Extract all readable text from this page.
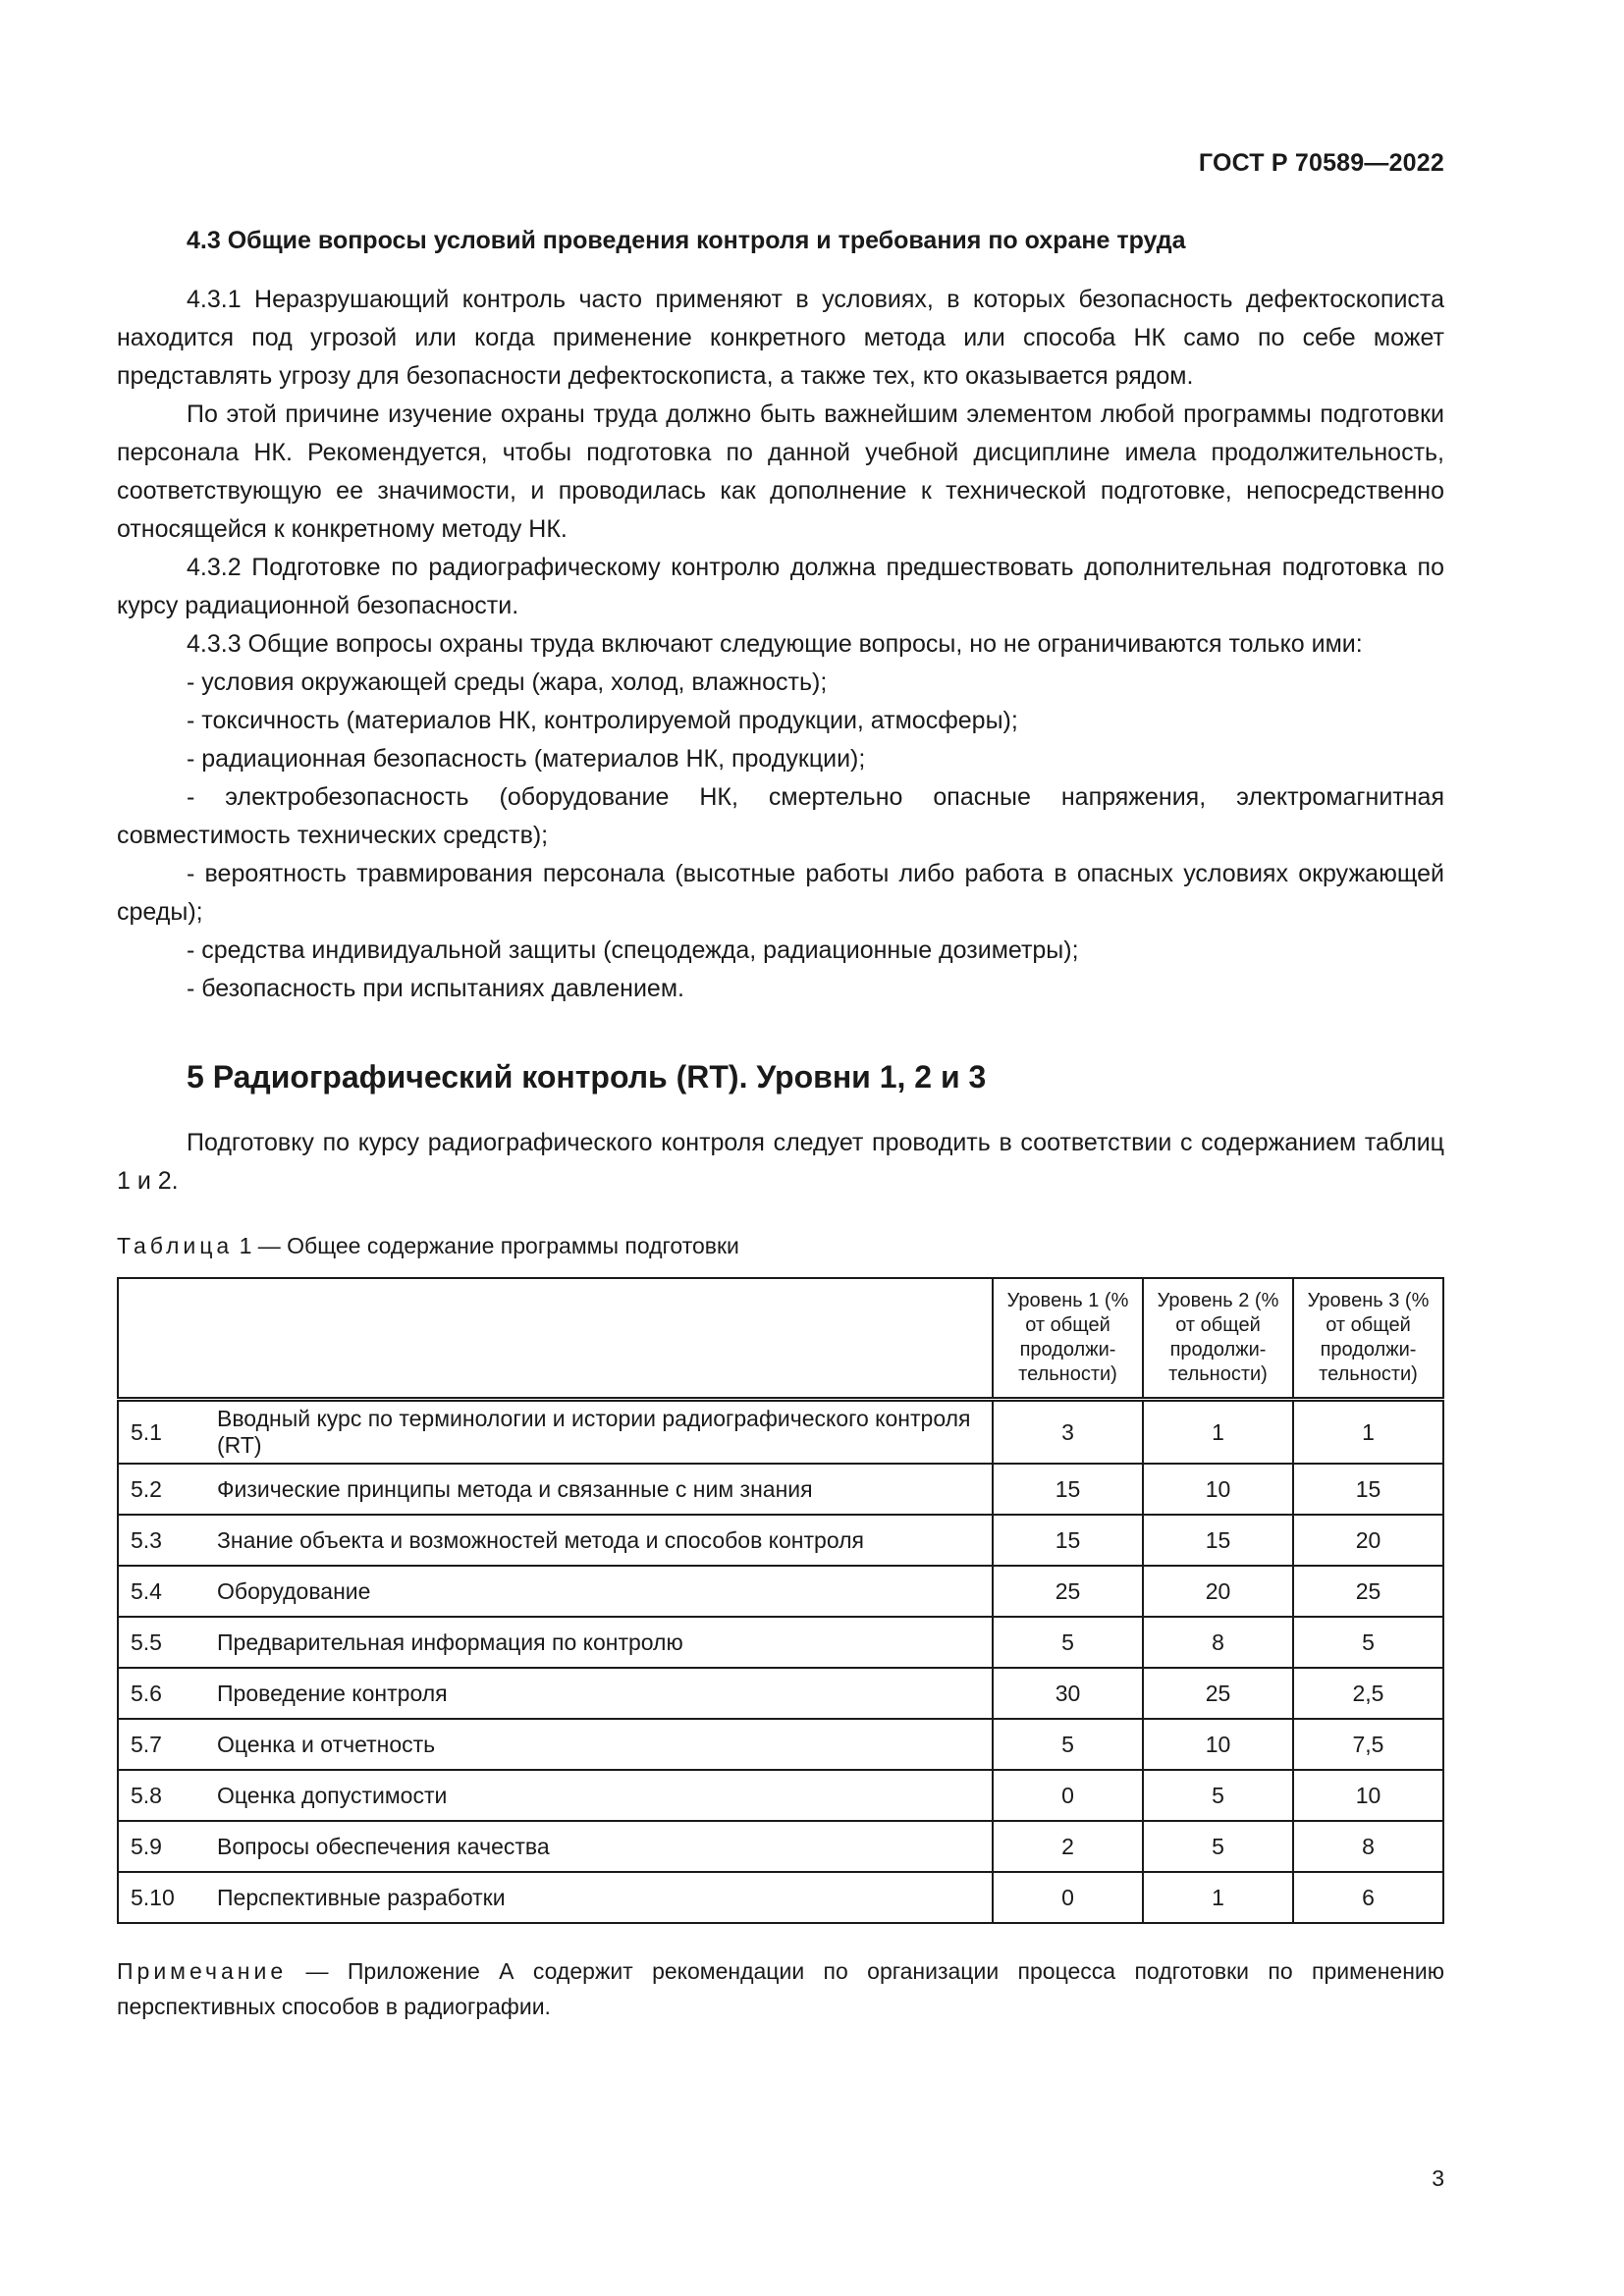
ГОСТ Р 70589—2022
4.3 Общие вопросы условий проведения контроля и требования по охране труда

4.3.1 Неразрушающий контроль часто применяют в условиях, в которых безопасность дефектоскописта находится под угрозой или когда применение конкретного метода или способа НК само по себе может представлять угрозу для безопасности дефектоскописта, а также тех, кто оказывается рядом.

По этой причине изучение охраны труда должно быть важнейшим элементом любой программы подготовки персонала НК. Рекомендуется, чтобы подготовка по данной учебной дисциплине имела продолжительность, соответствующую ее значимости, и проводилась как дополнение к технической подготовке, непосредственно относящейся к конкретному методу НК.

4.3.2 Подготовке по радиографическому контролю должна предшествовать дополнительная подготовка по курсу радиационной безопасности.

4.3.3 Общие вопросы охраны труда включают следующие вопросы, но не ограничиваются только ими:

- условия окружающей среды (жара, холод, влажность);

- токсичность (материалов НК, контролируемой продукции, атмосферы);

- радиационная безопасность (материалов НК, продукции);

- электробезопасность (оборудование НК, смертельно опасные напряжения, электромагнитная совместимость технических средств);

- вероятность травмирования персонала (высотные работы либо работа в опасных условиях окружающей среды);

- средства индивидуальной защиты (спецодежда, радиационные дозиметры);

- безопасность при испытаниях давлением.

5 Радиографический контроль (RT). Уровни 1, 2 и 3

Подготовку по курсу радиографического контроля следует проводить в соответствии с содержанием таблиц 1 и 2.

Таблица 1 — Общее содержание программы подготовки
		Уровень 1 (% от общей продолжи-тельности)	Уровень 2 (% от общей продолжи-тельности)	Уровень 3 (% от общей продолжи-тельности)
5.1	Вводный курс по терминологии и истории радиографического контроля (RT)	3	1	1
5.2	Физические принципы метода и связанные с ним знания	15	10	15
5.3	Знание объекта и возможностей метода и способов контроля	15	15	20
5.4	Оборудование	25	20	25
5.5	Предварительная информация по контролю	5	8	5
5.6	Проведение контроля	30	25	2,5
5.7	Оценка и отчетность	5	10	7,5
5.8	Оценка допустимости	0	5	10
5.9	Вопросы обеспечения качества	2	5	8
5.10	Перспективные разработки	0	1	6
Примечание — Приложение А содержит рекомендации по организации процесса подготовки по применению перспективных способов в радиографии.
3
